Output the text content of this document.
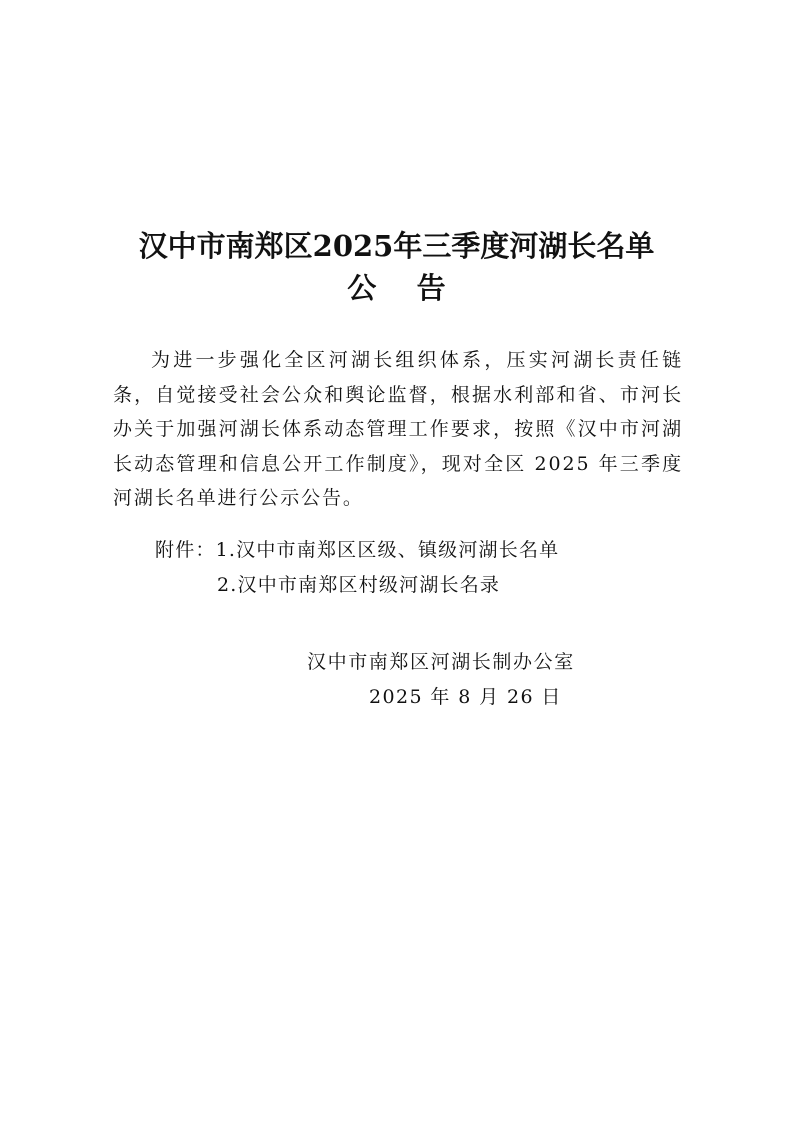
汉中市南郑区2025年三季度河湖长名单
公    告

为进一步强化全区河湖长组织体系，压实河湖长责任链条，自觉接受社会公众和舆论监督，根据水利部和省、市河长办关于加强河湖长体系动态管理工作要求，按照《汉中市河湖长动态管理和信息公开工作制度》，现对全区 2025 年三季度河湖长名单进行公示公告。

附件：1.汉中市南郑区区级、镇级河湖长名单
2.汉中市南郑区村级河湖长名录
汉中市南郑区河湖长制办公室
2025 年 8 月 26 日
